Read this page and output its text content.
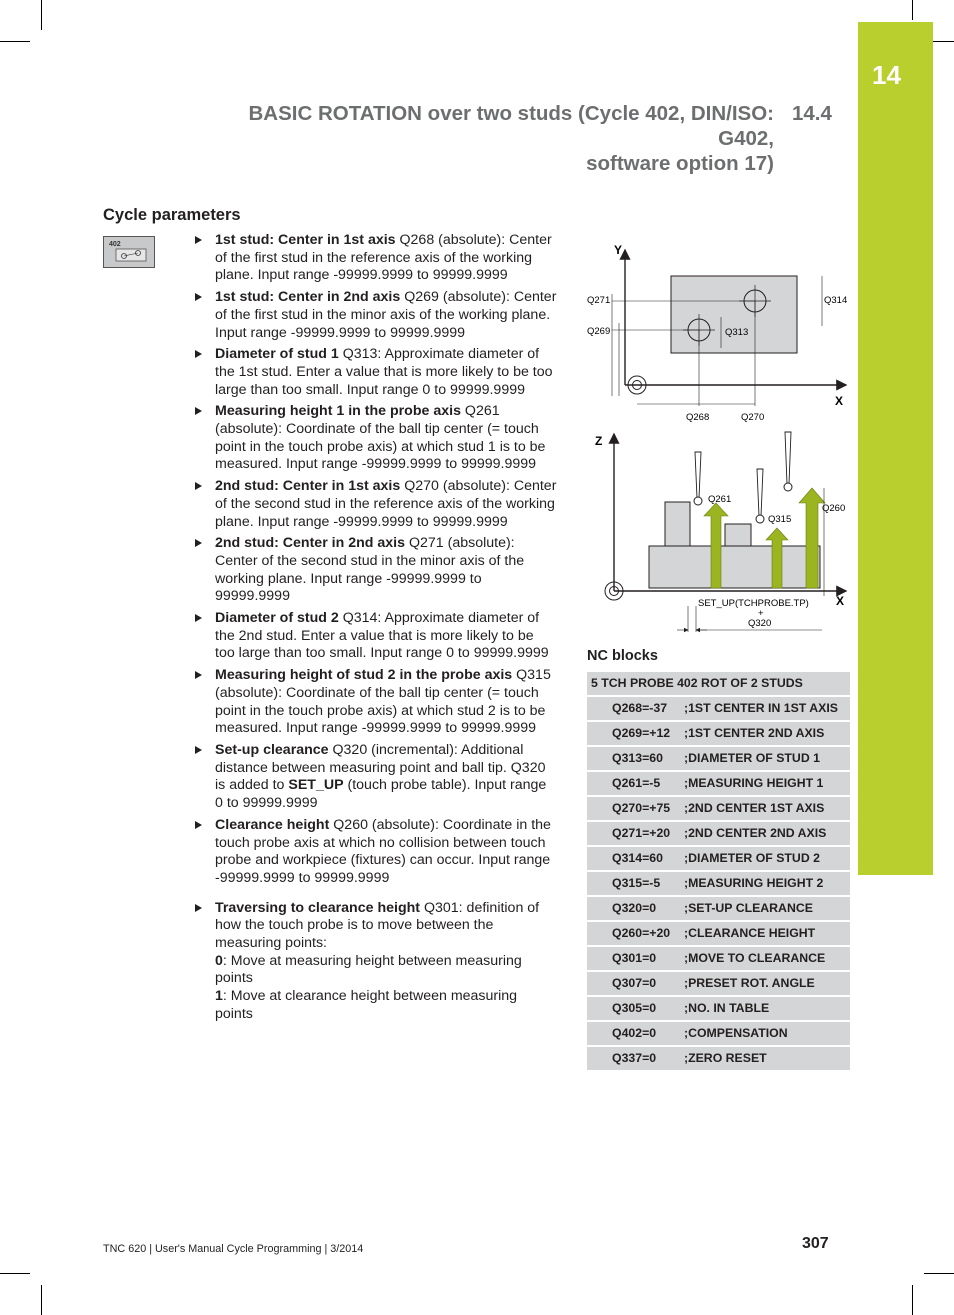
14
BASIC ROTATION over two studs (Cycle 402, DIN/ISO: G402,
software option 17)
14.4
Cycle parameters
402	1st stud: Center in 1st axis Q268 (absolute): Center of the first stud in the reference axis of the working plane. Input range -99999.9999 to 99999.9999
1st stud: Center in 2nd axis Q269 (absolute): Center of the first stud in the minor axis of the working plane. Input range -99999.9999 to 99999.9999
Diameter of stud 1 Q313: Approximate diameter of the 1st stud. Enter a value that is more likely to be too large than too small. Input range 0 to 99999.9999
Measuring height 1 in the probe axis Q261 (absolute): Coordinate of the ball tip center (= touch point in the touch probe axis) at which stud 1 is to be measured. Input range -99999.9999 to 99999.9999
2nd stud: Center in 1st axis Q270 (absolute): Center of the second stud in the reference axis of the working plane. Input range -99999.9999 to 99999.9999
2nd stud: Center in 2nd axis Q271 (absolute): Center of the second stud in the minor axis of the working plane. Input range -99999.9999 to 99999.9999
Diameter of stud 2 Q314: Approximate diameter of the 2nd stud. Enter a value that is more likely to be too large than too small. Input range 0 to 99999.9999
Measuring height of stud 2 in the probe axis Q315 (absolute): Coordinate of the ball tip center (= touch point in the touch probe axis) at which stud 2 is to be measured. Input range -99999.9999 to 99999.9999
Set-up clearance Q320 (incremental): Additional distance between measuring point and ball tip. Q320 is added to SET_UP (touch probe table). Input range 0 to 99999.9999
Clearance height Q260 (absolute): Coordinate in the touch probe axis at which no collision between touch probe and workpiece (fixtures) can occur. Input range -99999.9999 to 99999.9999
Traversing to clearance height Q301: definition of how the touch probe is to move between the measuring points:
0: Move at measuring height between measuring points
1: Move at clearance height between measuring points
Y
X
Q271
Q269	Q313
Q314
Q268	Q270
Z
X
Q261
Q315
Q260
SET_UP(TCHPROBE.TP)
+
Q320
NC blocks
5 TCH PROBE 402 ROT OF 2 STUDS	
Q268=-37	;1ST CENTER IN 1ST AXIS
Q269=+12	;1ST CENTER 2ND AXIS
Q313=60	;DIAMETER OF STUD 1
Q261=-5	;MEASURING HEIGHT 1
Q270=+75	;2ND CENTER 1ST AXIS
Q271=+20	;2ND CENTER 2ND AXIS
Q314=60	;DIAMETER OF STUD 2
Q315=-5	;MEASURING HEIGHT 2
Q320=0	;SET-UP CLEARANCE
Q260=+20	;CLEARANCE HEIGHT
Q301=0	;MOVE TO CLEARANCE
Q307=0	;PRESET ROT. ANGLE
Q305=0	;NO. IN TABLE
Q402=0	;COMPENSATION
Q337=0	;ZERO RESET
TNC 620 | User's Manual Cycle Programming | 3/2014	307
